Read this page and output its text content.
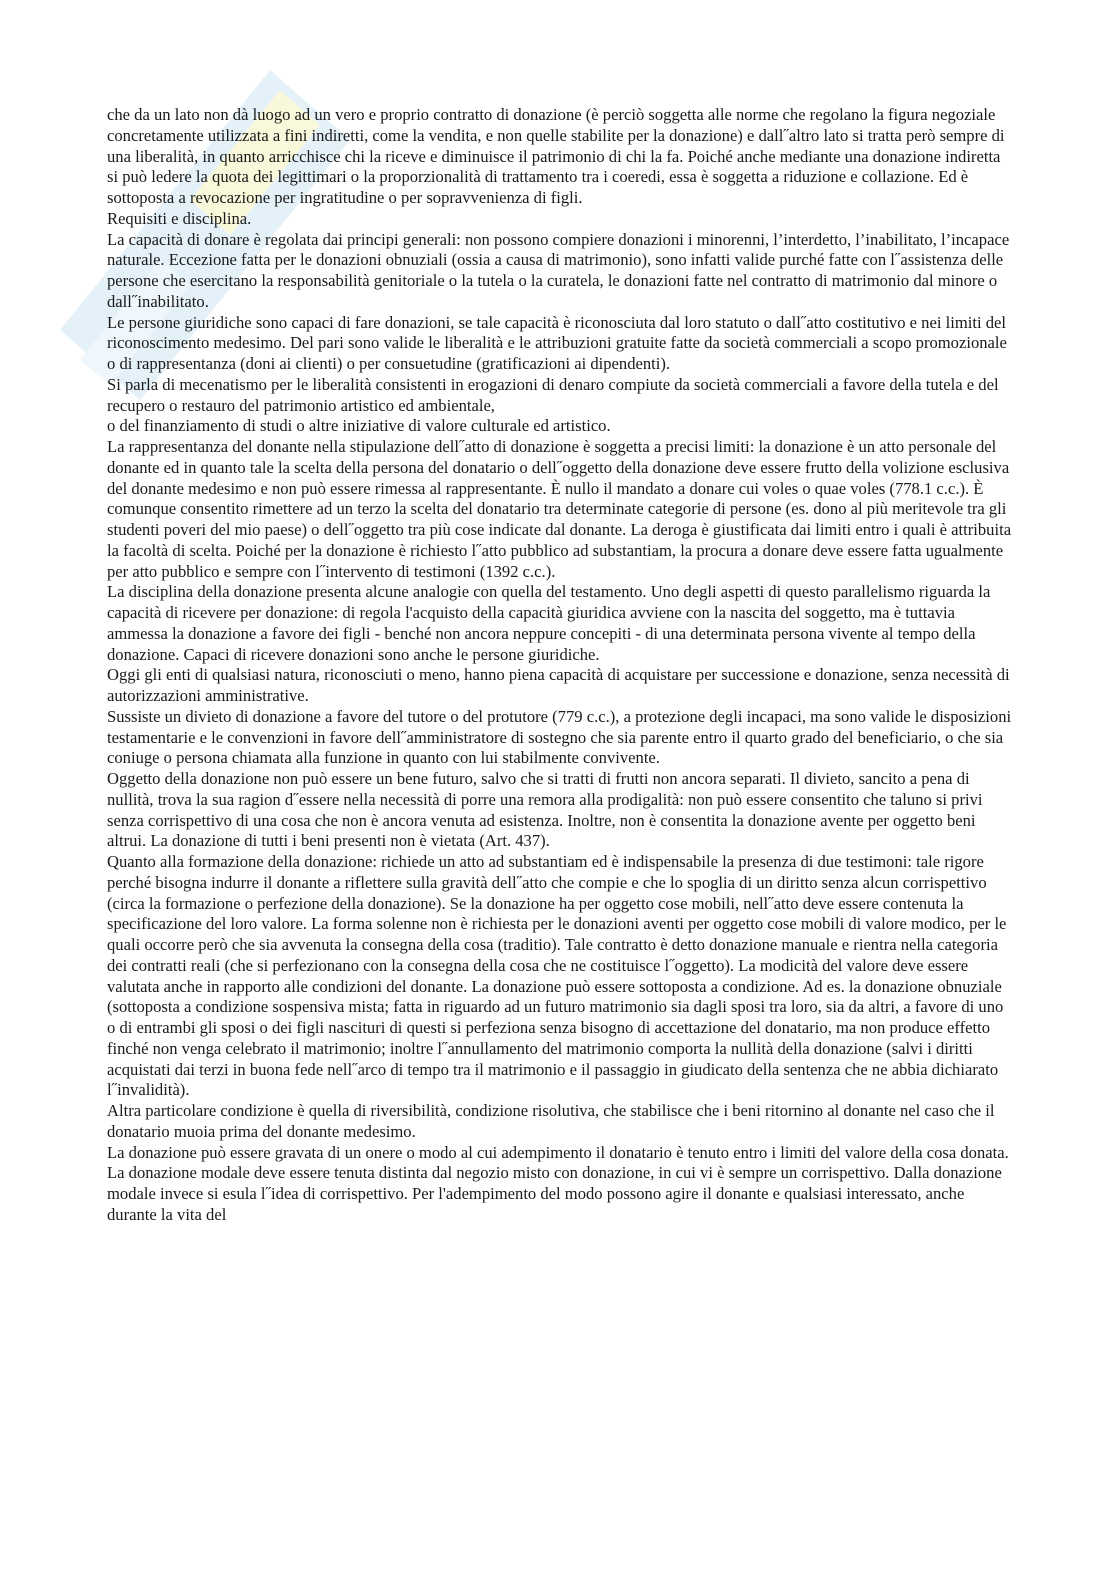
che da un lato non dà luogo ad un vero e proprio contratto di donazione (è perciò soggetta alle norme che regolano la figura negoziale concretamente utilizzata a fini indiretti, come la vendita, e non quelle stabilite per la donazione) e dall˝altro lato si tratta però sempre di una liberalità, in quanto arricchisce chi la riceve e diminuisce il patrimonio di chi la fa. Poiché anche mediante una donazione indiretta si può ledere la quota dei legittimari o la proporzionalità di trattamento tra i coeredi, essa è soggetta a riduzione e collazione. Ed è sottoposta a revocazione per ingratitudine o per sopravvenienza di figli.

Requisiti e disciplina.

La capacità di donare è regolata dai principi generali: non possono compiere donazioni i minorenni, l’interdetto, l’inabilitato, l’incapace naturale. Eccezione fatta per le donazioni obnuziali (ossia a causa di matrimonio), sono infatti valide purché fatte con l˝assistenza delle persone che esercitano la responsabilità genitoriale o la tutela o la curatela, le donazioni fatte nel contratto di matrimonio dal minore o dall˝inabilitato.

Le persone giuridiche sono capaci di fare donazioni, se tale capacità è riconosciuta dal loro statuto o dall˝atto costitutivo e nei limiti del riconoscimento medesimo. Del pari sono valide le liberalità e le attribuzioni gratuite fatte da società commerciali a scopo promozionale o di rappresentanza (doni ai clienti) o per consuetudine (gratificazioni ai dipendenti).

Si parla di mecenatismo per le liberalità consistenti in erogazioni di denaro compiute da società commerciali a favore della tutela e del recupero o restauro del patrimonio artistico ed ambientale,

o del finanziamento di studi o altre iniziative di valore culturale ed artistico.

La rappresentanza del donante nella stipulazione dell˝atto di donazione è soggetta a precisi limiti: la donazione è un atto personale del donante ed in quanto tale la scelta della persona del donatario o dell˝oggetto della donazione deve essere frutto della volizione esclusiva del donante medesimo e non può essere rimessa al rappresentante. È nullo il mandato a donare cui voles o quae voles (778.1 c.c.). È comunque consentito rimettere ad un terzo la scelta del donatario tra determinate categorie di persone (es. dono al più meritevole tra gli studenti poveri del mio paese) o dell˝oggetto tra più cose indicate dal donante. La deroga è giustificata dai limiti entro i quali è attribuita la facoltà di scelta. Poiché per la donazione è richiesto l˝atto pubblico ad substantiam, la procura a donare deve essere fatta ugualmente per atto pubblico e sempre con l˝intervento di testimoni (1392 c.c.).

La disciplina della donazione presenta alcune analogie con quella del testamento. Uno degli aspetti di questo parallelismo riguarda la capacità di ricevere per donazione: di regola l'acquisto della capacità giuridica avviene con la nascita del soggetto, ma è tuttavia ammessa la donazione a favore dei figli - benché non ancora neppure concepiti - di una determinata persona vivente al tempo della donazione. Capaci di ricevere donazioni sono anche le persone giuridiche.

Oggi gli enti di qualsiasi natura, riconosciuti o meno, hanno piena capacità di acquistare per successione e donazione, senza necessità di autorizzazioni amministrative.

Sussiste un divieto di donazione a favore del tutore o del protutore (779 c.c.), a protezione degli incapaci, ma sono valide le disposizioni testamentarie e le convenzioni in favore dell˝amministratore di sostegno che sia parente entro il quarto grado del beneficiario, o che sia coniuge o persona chiamata alla funzione in quanto con lui stabilmente convivente.

Oggetto della donazione non può essere un bene futuro, salvo che si tratti di frutti non ancora separati. Il divieto, sancito a pena di nullità, trova la sua ragion d˝essere nella necessità di porre una remora alla prodigalità: non può essere consentito che taluno si privi senza corrispettivo di una cosa che non è ancora venuta ad esistenza. Inoltre, non è consentita la donazione avente per oggetto beni altrui. La donazione di tutti i beni presenti non è vietata (Art. 437).

Quanto alla formazione della donazione: richiede un atto ad substantiam ed è indispensabile la presenza di due testimoni: tale rigore perché bisogna indurre il donante a riflettere sulla gravità dell˝atto che compie e che lo spoglia di un diritto senza alcun corrispettivo (circa la formazione o perfezione della donazione). Se la donazione ha per oggetto cose mobili, nell˝atto deve essere contenuta la specificazione del loro valore. La forma solenne non è richiesta per le donazioni aventi per oggetto cose mobili di valore modico, per le quali occorre però che sia avvenuta la consegna della cosa (traditio). Tale contratto è detto donazione manuale e rientra nella categoria dei contratti reali (che si perfezionano con la consegna della cosa che ne costituisce l˝oggetto). La modicità del valore deve essere valutata anche in rapporto alle condizioni del donante. La donazione può essere sottoposta a condizione. Ad es. la donazione obnuziale (sottoposta a condizione sospensiva mista; fatta in riguardo ad un futuro matrimonio sia dagli sposi tra loro, sia da altri, a favore di uno o di entrambi gli sposi o dei figli nascituri di questi si perfeziona senza bisogno di accettazione del donatario, ma non produce effetto finché non venga celebrato il matrimonio; inoltre l˝annullamento del matrimonio comporta la nullità della donazione (salvi i diritti acquistati dai terzi in buona fede nell˝arco di tempo tra il matrimonio e il passaggio in giudicato della sentenza che ne abbia dichiarato l˝invalidità).

Altra particolare condizione è quella di riversibilità, condizione risolutiva, che stabilisce che i beni ritornino al donante nel caso che il donatario muoia prima del donante medesimo.

La donazione può essere gravata di un onere o modo al cui adempimento il donatario è tenuto entro i limiti del valore della cosa donata. La donazione modale deve essere tenuta distinta dal negozio misto con donazione, in cui vi è sempre un corrispettivo. Dalla donazione modale invece si esula l˝idea di corrispettivo. Per l'adempimento del modo possono agire il donante e qualsiasi interessato, anche durante la vita del
